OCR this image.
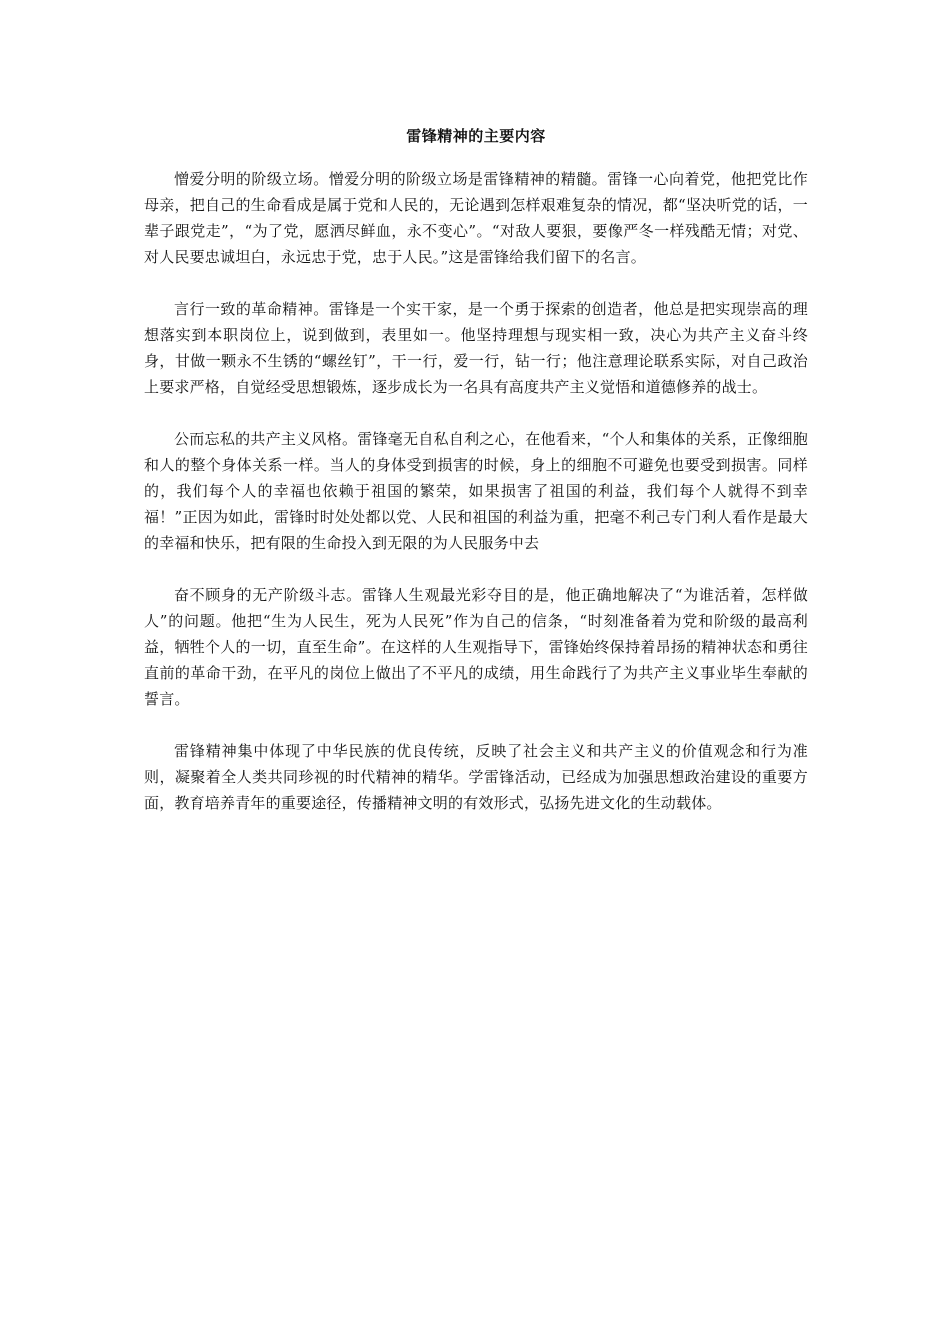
雷锋精神的主要内容

憎爱分明的阶级立场。憎爱分明的阶级立场是雷锋精神的精髓。雷锋一心向着党，他把党比作母亲，把自己的生命看成是属于党和人民的，无论遇到怎样艰难复杂的情况，都“坚决听党的话，一辈子跟党走”，“为了党，愿洒尽鲜血，永不变心”。“对敌人要狠，要像严冬一样残酷无情；对党、对人民要忠诚坦白，永远忠于党，忠于人民。”这是雷锋给我们留下的名言。

言行一致的革命精神。雷锋是一个实干家，是一个勇于探索的创造者，他总是把实现崇高的理想落实到本职岗位上，说到做到，表里如一。他坚持理想与现实相一致，决心为共产主义奋斗终身，甘做一颗永不生锈的“螺丝钉”，干一行，爱一行，钻一行；他注意理论联系实际，对自己政治上要求严格，自觉经受思想锻炼，逐步成长为一名具有高度共产主义觉悟和道德修养的战士。

公而忘私的共产主义风格。雷锋毫无自私自利之心，在他看来，“个人和集体的关系，正像细胞和人的整个身体关系一样。当人的身体受到损害的时候，身上的细胞不可避免也要受到损害。同样的，我们每个人的幸福也依赖于祖国的繁荣，如果损害了祖国的利益，我们每个人就得不到幸福！”正因为如此，雷锋时时处处都以党、人民和祖国的利益为重，把毫不利己专门利人看作是最大的幸福和快乐，把有限的生命投入到无限的为人民服务中去

奋不顾身的无产阶级斗志。雷锋人生观最光彩夺目的是，他正确地解决了“为谁活着，怎样做人”的问题。他把“生为人民生，死为人民死”作为自己的信条，“时刻准备着为党和阶级的最高利益，牺牲个人的一切，直至生命”。在这样的人生观指导下，雷锋始终保持着昂扬的精神状态和勇往直前的革命干劲，在平凡的岗位上做出了不平凡的成绩，用生命践行了为共产主义事业毕生奉献的誓言。

雷锋精神集中体现了中华民族的优良传统，反映了社会主义和共产主义的价值观念和行为准则，凝聚着全人类共同珍视的时代精神的精华。学雷锋活动，已经成为加强思想政治建设的重要方面，教育培养青年的重要途径，传播精神文明的有效形式，弘扬先进文化的生动载体。
